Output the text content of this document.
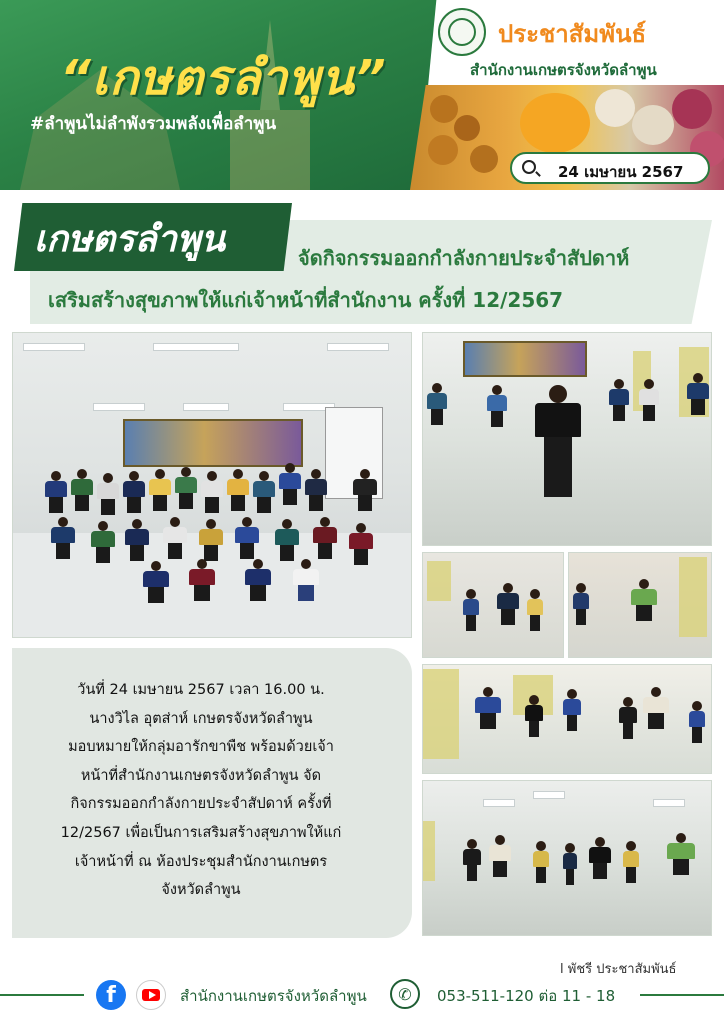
“เกษตรลำพูน”
#ลำพูนไม่ลำพังรวมพลังเพื่อลำพูน
ประชาสัมพันธ์
สำนักงานเกษตรจังหวัดลำพูน
24 เมษายน 2567
เกษตรลำพูน	จัดกิจกรรมออกกำลังกายประจำสัปดาห์
เสริมสร้างสุขภาพให้แก่เจ้าหน้าที่สำนักงาน ครั้งที่ 12/2567
วันที่ 24 เมษายน 2567 เวลา 16.00 น.
นางวิไล อุตส่าห์ เกษตรจังหวัดลำพูน
มอบหมายให้กลุ่มอารักขาพืช พร้อมด้วยเจ้า
หน้าที่สำนักงานเกษตรจังหวัดลำพูน จัด
กิจกรรมออกกำลังกายประจำสัปดาห์ ครั้งที่
12/2567 เพื่อเป็นการเสริมสร้างสุขภาพให้แก่
เจ้าหน้าที่ ณ ห้องประชุมสำนักงานเกษตร
จังหวัดลำพูน
l พัชรี ประชาสัมพันธ์
f	สำนักงานเกษตรจังหวัดลำพูน	✆	053-511-120 ต่อ 11 - 18
